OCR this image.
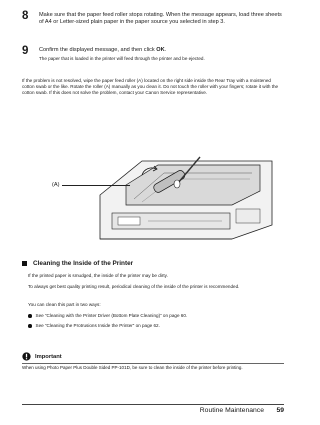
8 Make sure that the paper feed roller stops rotating. When the message appears, load three sheets of A4 or Letter-sized plain paper in the paper source you selected in step 3.

9 Confirm the displayed message, and then click OK.

The paper that is loaded in the printer will feed through the printer and be ejected.

If the problem is not resolved, wipe the paper feed roller (A) located on the right side inside the Rear Tray with a moistened cotton swab or the like. Rotate the roller (A) manually as you clean it. Do not touch the roller with your fingers; rotate it with the cotton swab. If this does not solve the problem, contact your Canon Service representative.

(A)
Cleaning the Inside of the Printer

If the printed paper is smudged, the inside of the printer may be dirty.

To always get best quality printing result, periodical cleaning of the inside of the printer is recommended.

You can clean this part in two ways:

See “Cleaning with the Printer Driver (Bottom Plate Cleaning)” on page 60.
See “Cleaning the Protrusions Inside the Printer” on page 62.
Important

When using Photo Paper Plus Double Sided PP-101D, be sure to clean the inside of the printer before printing.

Routine Maintenance 59
